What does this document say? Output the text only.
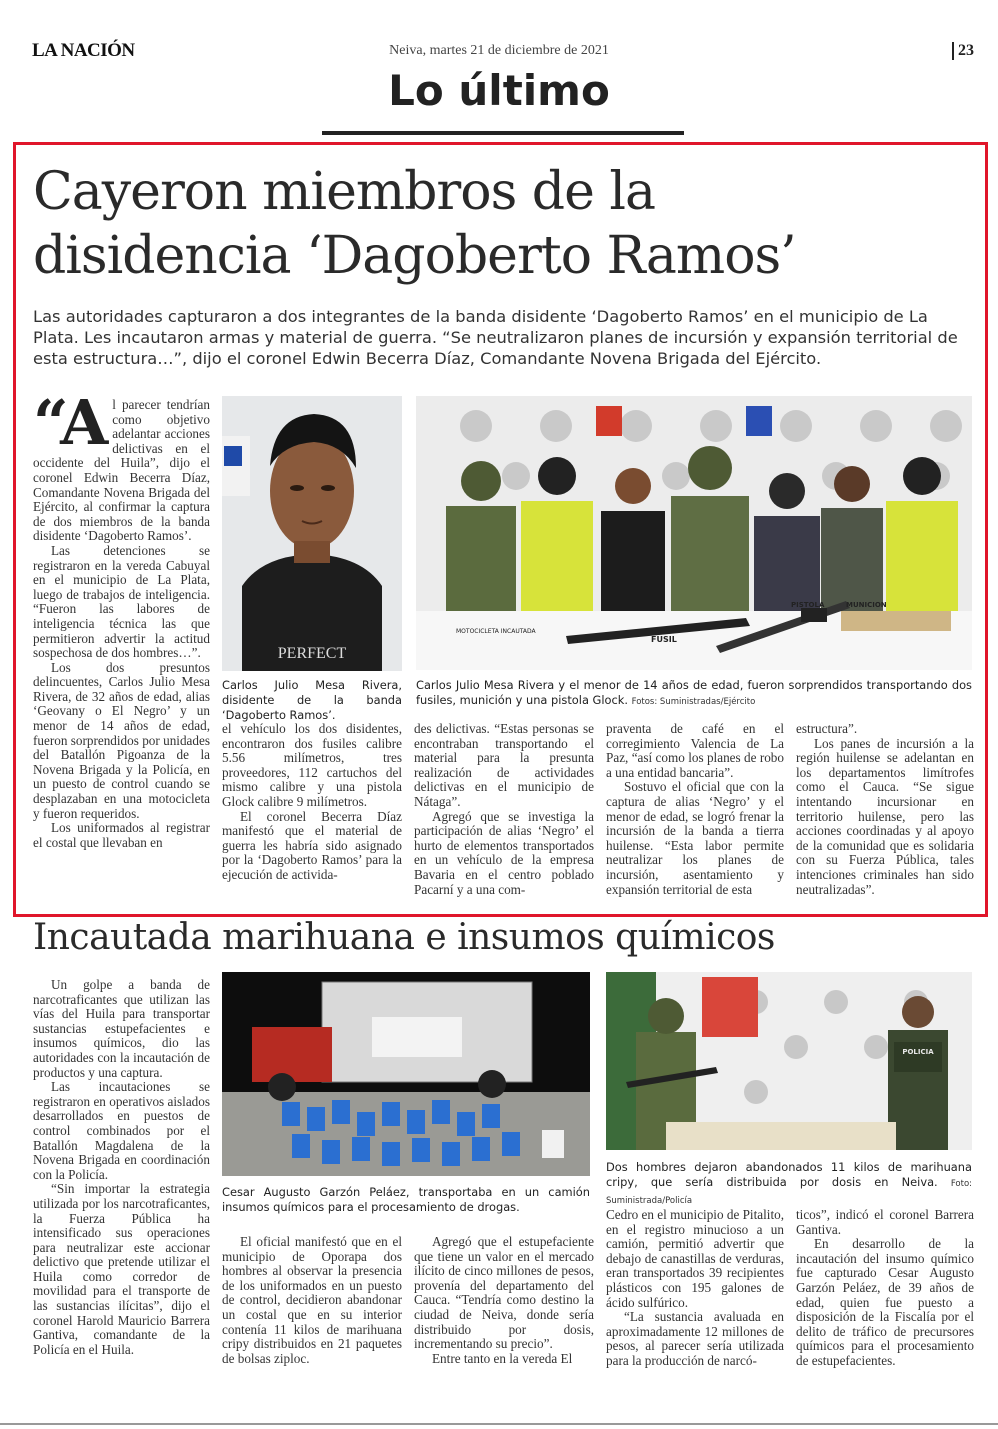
LA NACIÓN	Neiva, martes 21 de diciembre de 2021	23
Lo último
Cayeron miembros de la
disidencia ‘Dagoberto Ramos’
Las autoridades capturaron a dos integrantes de la banda disidente ‘Dagoberto Ramos’ en el municipio de La Plata. Les incautaron armas y material de guerra. “Se neutralizaron planes de incursión y expansión territorial de esta estructura…”, dijo el coronel Edwin Becerra Díaz, Comandante Novena Brigada del Ejército.
“A l parecer tendrían como objetivo adelantar acciones delictivas en el occidente del Huila”, dijo el coronel Edwin Becerra Díaz, Comandante Novena Brigada del Ejército, al confirmar la captura de dos miembros de la banda disidente ‘Dagoberto Ramos’.

Las detenciones se registraron en la vereda Cabuyal en el municipio de La Plata, luego de trabajos de inteligencia. “Fueron las labores de inteligencia técnica las que permitieron advertir la actitud sospechosa de dos hombres…”.

Los dos presuntos delincuentes, Carlos Julio Mesa Rivera, de 32 años de edad, alias ‘Geovany o El Negro’ y un menor de 14 años de edad, fueron sorprendidos por unidades del Batallón Pigoanza de la Novena Brigada y la Policía, en un puesto de control cuando se desplazaban en una motocicleta y fueron requeridos.

Los uniformados al registrar el costal que llevaban en

PERFECT
Carlos Julio Mesa Rivera, disidente de la banda ‘Dagoberto Ramos’.
FUSIL
PISTOLA	MUNICION
MOTOCICLETA INCAUTADA
Carlos Julio Mesa Rivera y el menor de 14 años de edad, fueron sorprendidos transportando dos fusiles, munición y una pistola Glock. Fotos: Suministradas/Ejército

el vehículo los dos disidentes, encontraron dos fusiles calibre 5.56 milímetros, tres proveedores, 112 cartuchos del mismo calibre y una pistola Glock calibre 9 milímetros.

El coronel Becerra Díaz manifestó que el material de guerra les habría sido asignado por la ‘Dagoberto Ramos’ para la ejecución de activida-

des delictivas. “Estas personas se encontraban transportando el material para la presunta realización de actividades delictivas en el municipio de Nátaga”.

Agregó que se investiga la participación de alias ‘Negro’ el hurto de elementos transportados en un vehículo de la empresa Bavaria en el centro poblado Pacarní y a una com-

praventa de café en el corregimiento Valencia de La Paz, “así como los planes de robo a una entidad bancaria”.

Sostuvo el oficial que con la captura de alias ‘Negro’ y el menor de edad, se logró frenar la incursión de la banda a tierra huilense. “Esta labor permite neutralizar los planes de incursión, asentamiento y expansión territorial de esta

estructura”.

Los panes de incursión a la región huilense se adelantan en los departamentos limítrofes como el Cauca. “Se sigue intentando incursionar en territorio huilense, pero las acciones coordinadas y al apoyo de la comunidad que es solidaria con su Fuerza Pública, tales intenciones criminales han sido neutralizadas”.

Incautada marihuana e insumos químicos

Un golpe a banda de narcotraficantes que utilizan las vías del Huila para transportar sustancias estupefacientes e insumos químicos, dio las autoridades con la incautación de productos y una captura.

Las incautaciones se registraron en operativos aislados desarrollados en puestos de control combinados por el Batallón Magdalena de la Novena Brigada en coordinación con la Policía.

“Sin importar la estrategia utilizada por los narcotraficantes, la Fuerza Pública ha intensificado sus operaciones para neutralizar este accionar delictivo que pretende utilizar el Huila como corredor de movilidad para el transporte de las sustancias ilícitas”, dijo el coronel Harold Mauricio Barrera Gantiva, comandante de la Policía en el Huila.

Cesar Augusto Garzón Peláez, transportaba en un camión insumos químicos para el procesamiento de drogas.
POLICIA
Dos hombres dejaron abandonados 11 kilos de marihuana cripy, que sería distribuida por dosis en Neiva. Foto: Suministrada/Policía

El oficial manifestó que en el municipio de Oporapa dos hombres al observar la presencia de los uniformados en un puesto de control, decidieron abandonar un costal que en su interior contenía 11 kilos de marihuana cripy distribuidos en 21 paquetes de bolsas ziploc.

Agregó que el estupefaciente que tiene un valor en el mercado ilícito de cinco millones de pesos, provenía del departamento del Cauca. “Tendría como destino la ciudad de Neiva, donde sería distribuido por dosis, incrementando su precio”.

Entre tanto en la vereda El

Cedro en el municipio de Pitalito, en el registro minucioso a un camión, permitió advertir que debajo de canastillas de verduras, eran transportados 39 recipientes plásticos con 195 galones de ácido sulfúrico.

“La sustancia avaluada en aproximadamente 12 millones de pesos, al parecer sería utilizada para la producción de narcó-

ticos”, indicó el coronel Barrera Gantiva.

En desarrollo de la incautación del insumo químico fue capturado Cesar Augusto Garzón Peláez, de 39 años de edad, quien fue puesto a disposición de la Fiscalía por el delito de tráfico de precursores químicos para el procesamiento de estupefacientes.
